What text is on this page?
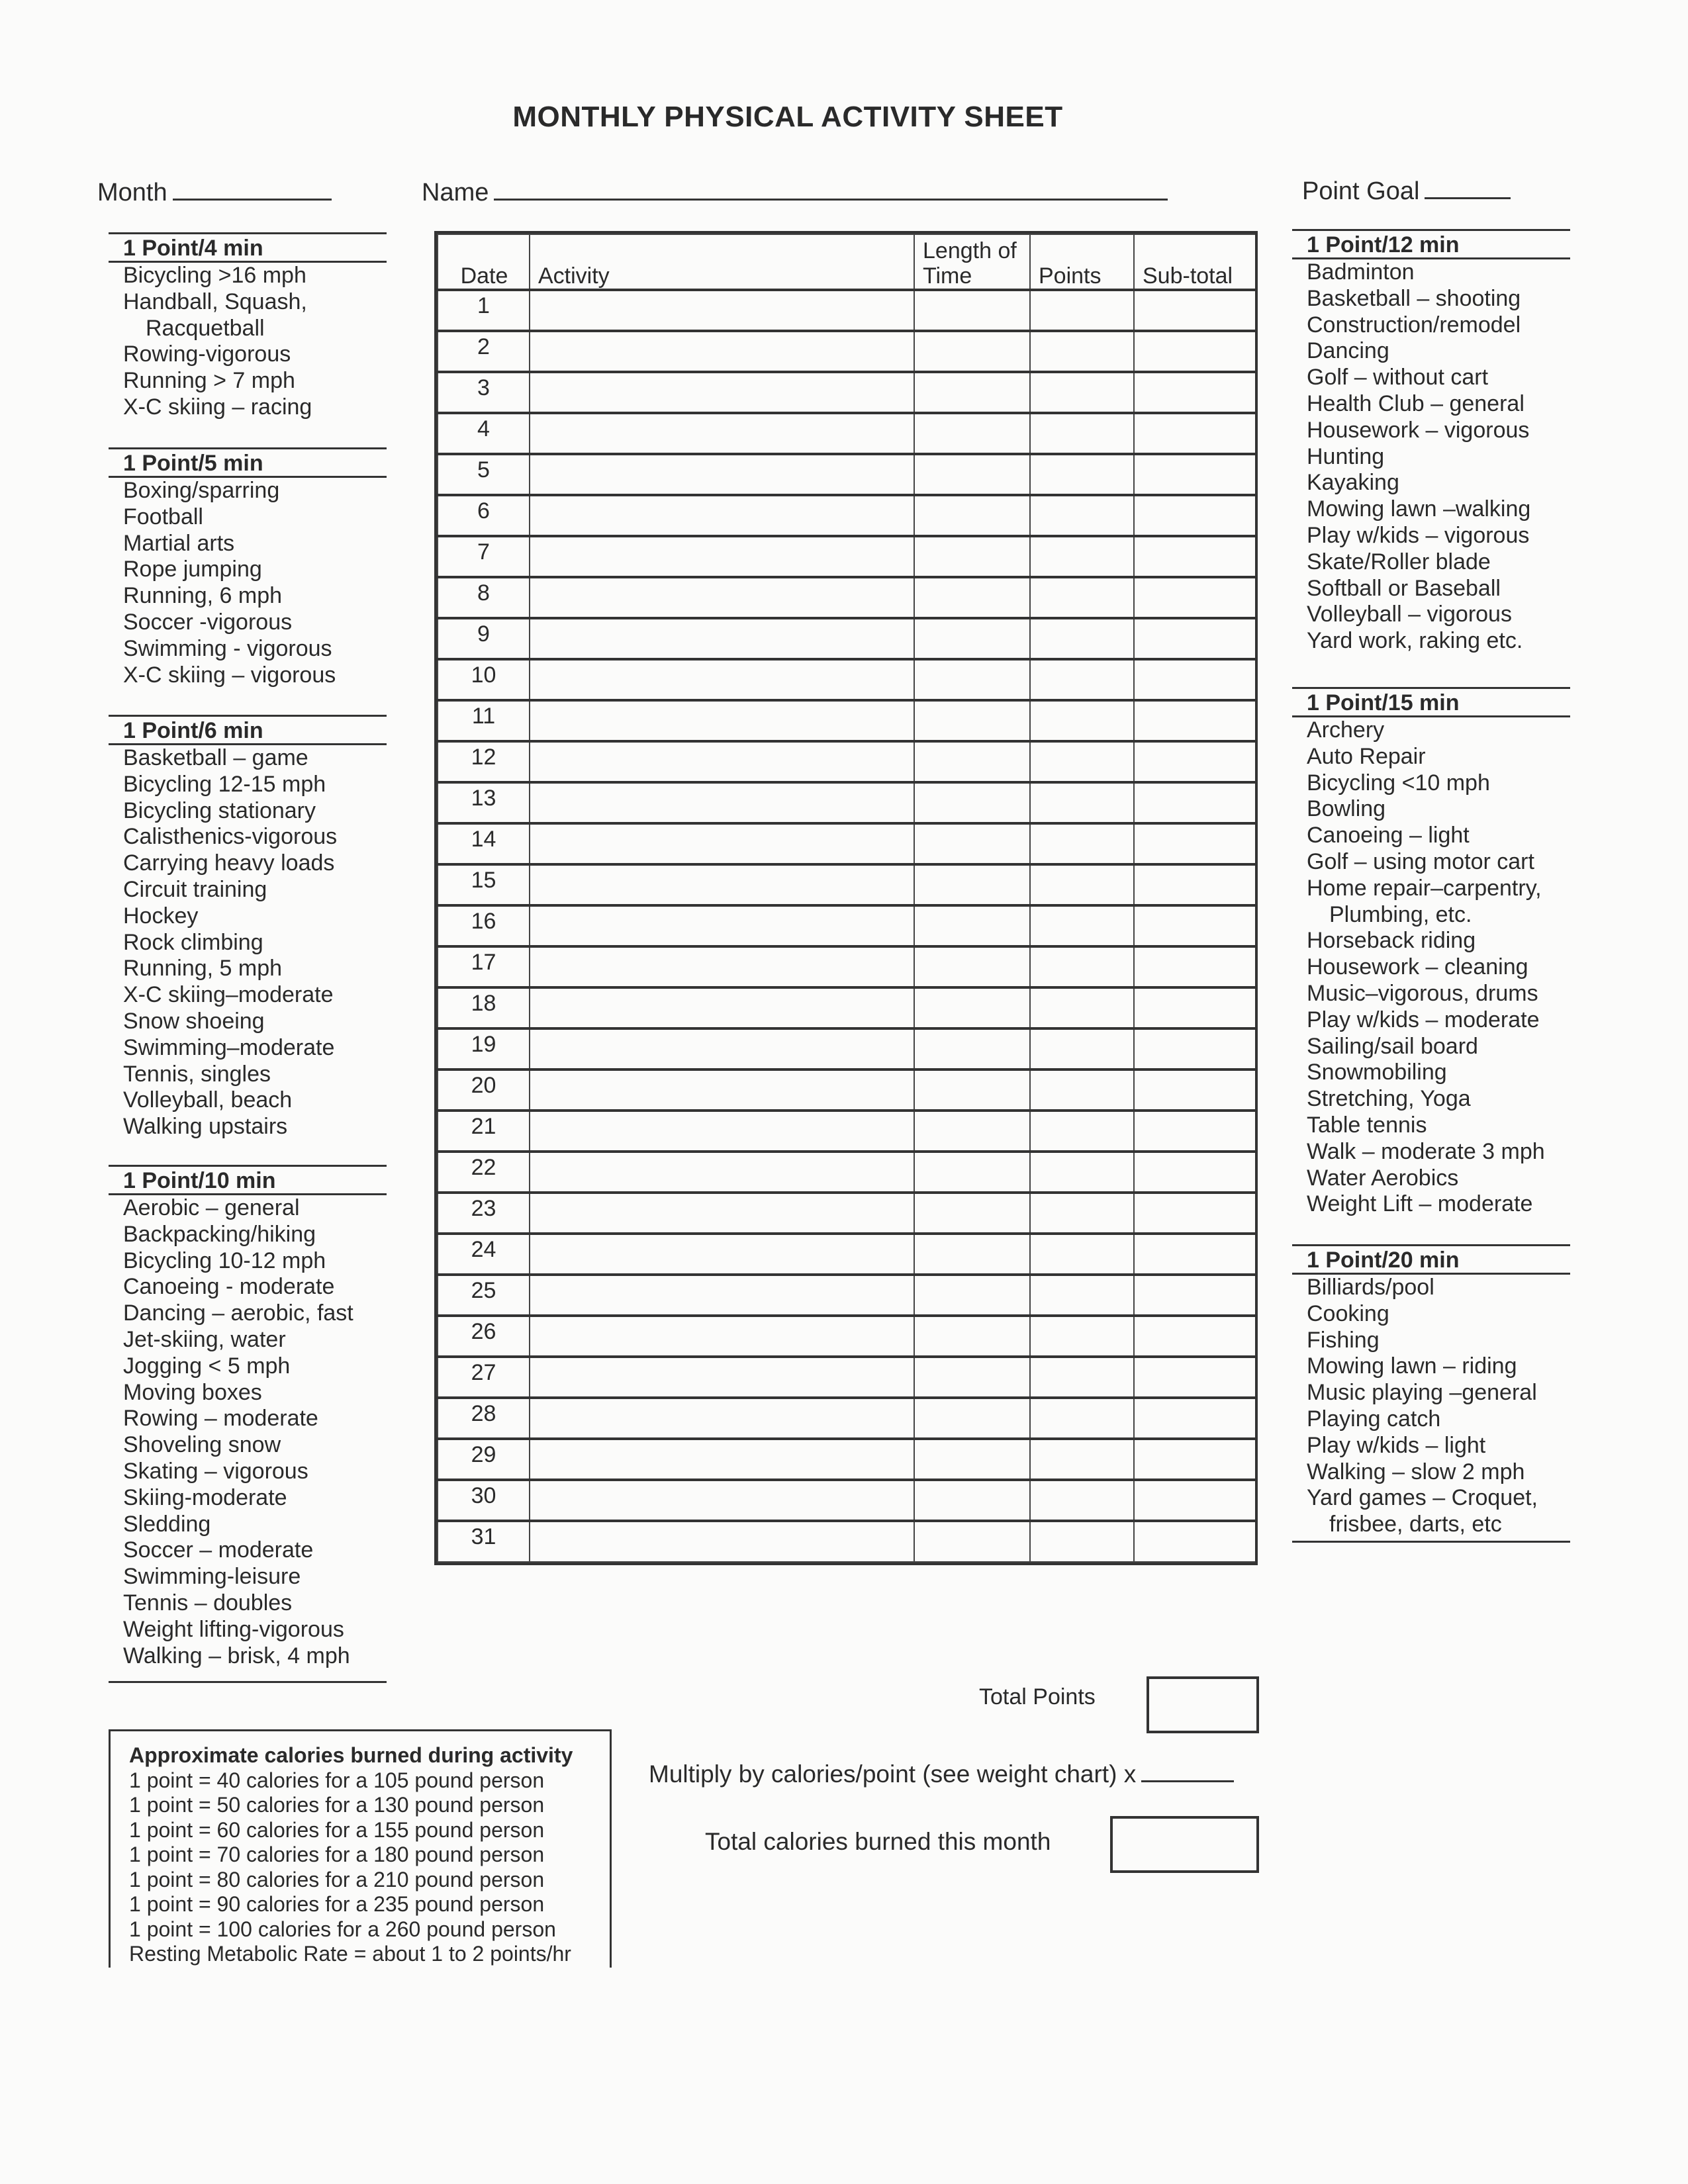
MONTHLY PHYSICAL ACTIVITY SHEET
Month	Name	Point Goal
1 Point/4 min
Bicycling >16 mph
Handball, Squash,
Racquetball
Rowing-vigorous
Running > 7 mph
X-C skiing – racing
1 Point/5 min
Boxing/sparring
Football
Martial arts
Rope jumping
Running, 6 mph
Soccer -vigorous
Swimming - vigorous
X-C skiing – vigorous
1 Point/6 min
Basketball – game
Bicycling 12-15 mph
Bicycling stationary
Calisthenics-vigorous
Carrying heavy loads
Circuit training
Hockey
Rock climbing
Running, 5 mph
X-C skiing–moderate
Snow shoeing
Swimming–moderate
Tennis, singles
Volleyball, beach
Walking upstairs
1 Point/10 min
Aerobic – general
Backpacking/hiking
Bicycling 10-12 mph
Canoeing - moderate
Dancing – aerobic, fast
Jet-skiing, water
Jogging < 5 mph
Moving boxes
Rowing – moderate
Shoveling snow
Skating – vigorous
Skiing-moderate
Sledding
Soccer – moderate
Swimming-leisure
Tennis – doubles
Weight lifting-vigorous
Walking – brisk, 4 mph
1 Point/12 min
Badminton
Basketball – shooting
Construction/remodel
Dancing
Golf – without cart
Health Club – general
Housework – vigorous
Hunting
Kayaking
Mowing lawn –walking
Play w/kids – vigorous
Skate/Roller blade
Softball or Baseball
Volleyball – vigorous
Yard work, raking etc.
1 Point/15 min
Archery
Auto Repair
Bicycling <10 mph
Bowling
Canoeing – light
Golf – using motor cart
Home repair–carpentry,
Plumbing, etc.
Horseback riding
Housework – cleaning
Music–vigorous, drums
Play w/kids – moderate
Sailing/sail board
Snowmobiling
Stretching, Yoga
Table tennis
Walk – moderate 3 mph
Water Aerobics
Weight Lift – moderate
1 Point/20 min
Billiards/pool
Cooking
Fishing
Mowing lawn – riding
Music playing –general
Playing catch
Play w/kids – light
Walking – slow 2 mph
Yard games – Croquet,
frisbee, darts, etc
Date	Activity	Length of Time	Points	Sub-total
1				
2				
3				
4				
5				
6				
7				
8				
9				
10				
11				
12				
13				
14				
15				
16				
17				
18				
19				
20				
21				
22				
23				
24				
25				
26				
27				
28				
29				
30				
31				
Total Points
Approximate calories burned during activity
1 point = 40 calories for a 105 pound person
1 point = 50 calories for a 130 pound person
1 point = 60 calories for a 155 pound person
1 point = 70 calories for a 180 pound person
1 point = 80 calories for a 210 pound person
1 point = 90 calories for a 235 pound person
1 point = 100 calories for a 260 pound person
Resting Metabolic Rate = about 1 to 2 points/hr
Multiply by calories/point (see weight chart) x
Total calories burned this month
